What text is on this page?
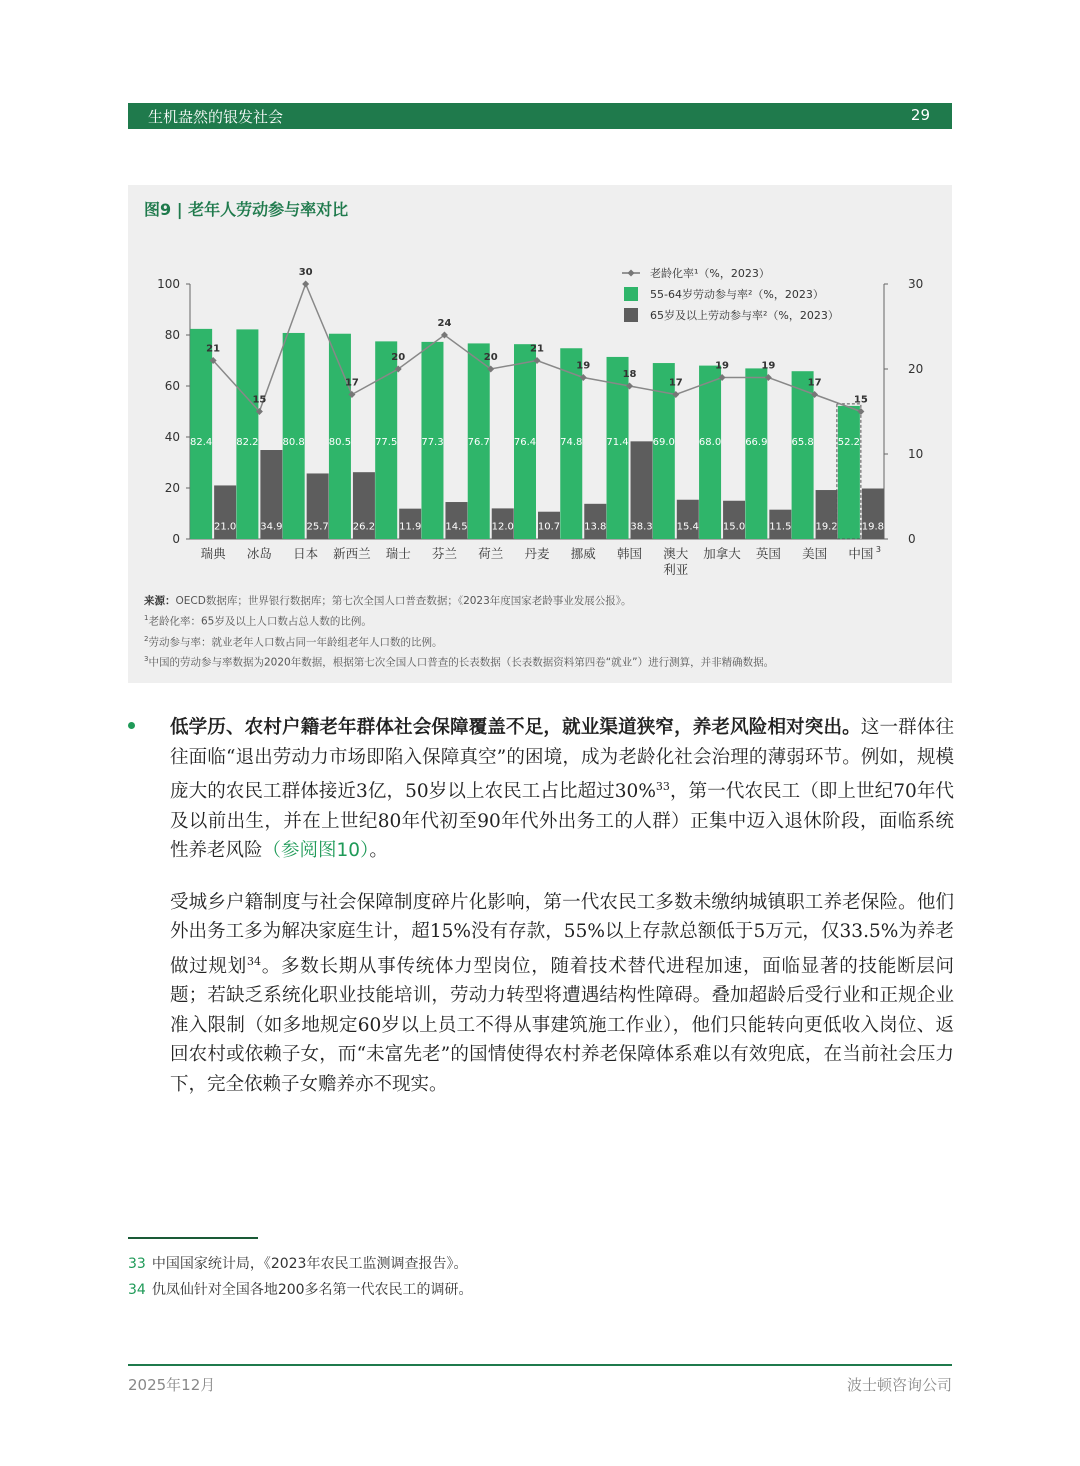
生机盎然的银发社会	29
0
20
40
60
80
100
0
10
20
30
82.4
21.0
瑞典
82.2
34.9
冰岛
80.8
25.7
日本
80.5
26.2
新西兰
77.5
11.9
瑞士
77.3
14.5
芬兰
76.7
12.0
荷兰
76.4
10.7
丹麦
74.8
13.8
挪威
71.4
38.3
韩国
69.0
15.4
澳大
利亚
68.0
15.0
加拿大
66.9
11.5
英国
65.8
19.2
美国
52.2
19.8
中国 3
21
15
30
17
20
24
20
21
19
18
17
19	19
17
15
老龄化率¹（%，2023）
55-64岁劳动参与率²（%，2023）
65岁及以上劳动参与率²（%，2023）
图9 | 老年人劳动参与率对比
来源：OECD数据库；世界银行数据库；第七次全国人口普查数据；《2023年度国家老龄事业发展公报》。
$^1$老龄化率：65岁及以上人口数占总人数的比例。
$^2$劳动参与率：就业老年人口数占同一年龄组老年人口数的比例。
$^3$中国的劳动参与率数据为2020年数据，根据第七次全国人口普查的长表数据（长表数据资料第四卷“就业”）进行测算，并非精确数据。

低学历、农村户籍老年群体社会保障覆盖不足，就业渠道狭窄，养老风险相对突出。这一群体往往面临“退出劳动力市场即陷入保障真空”的困境，成为老龄化社会治理的薄弱环节。例如，规模庞大的农民工群体接近3亿，50岁以上农民工占比超过30%$^{33}$，第一代农民工（即上世纪70年代及以前出生，并在上世纪80年代初至90年代外出务工的人群）正集中迈入退休阶段，面临系统性养老风险（参阅图10）。

受城乡户籍制度与社会保障制度碎片化影响，第一代农民工多数未缴纳城镇职工养老保险。他们外出务工多为解决家庭生计，超15%没有存款，55%以上存款总额低于5万元，仅33.5%为养老做过规划$^{34}$。多数长期从事传统体力型岗位，随着技术替代进程加速，面临显著的技能断层问题；若缺乏系统化职业技能培训，劳动力转型将遭遇结构性障碍。叠加超龄后受行业和正规企业准入限制（如多地规定60岁以上员工不得从事建筑施工作业），他们只能转向更低收入岗位、返回农村或依赖子女，而“未富先老”的国情使得农村养老保障体系难以有效兜底，在当前社会压力下，完全依赖子女赡养亦不现实。

33 中国国家统计局，《2023年农民工监测调查报告》。
34 仇凤仙针对全国各地200多名第一代农民工的调研。
2025年12月	波士顿咨询公司
